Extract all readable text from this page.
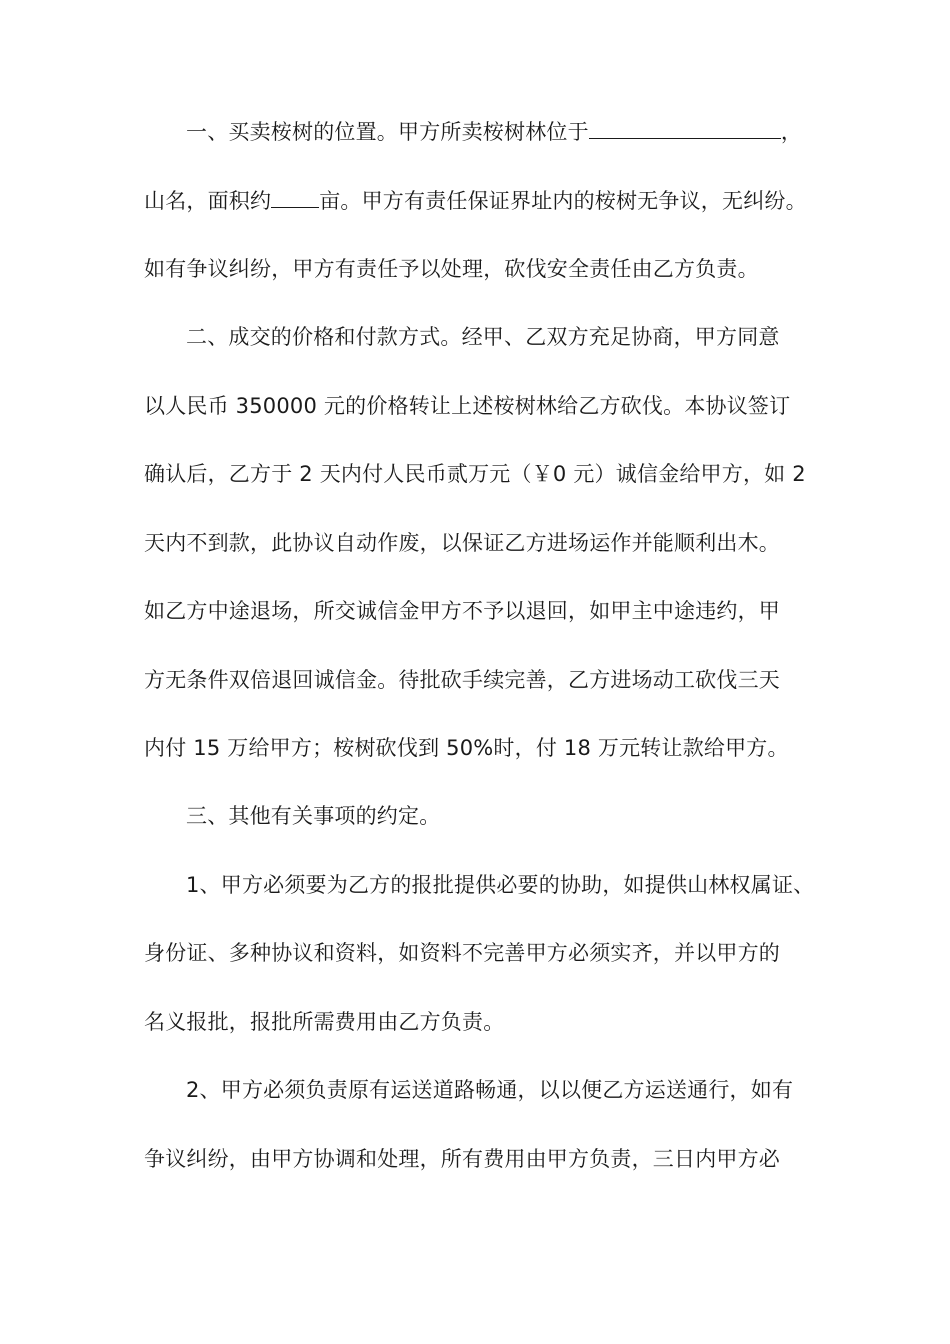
一、买卖桉树的位置。甲方所卖桉树林位于	，
山名，面积约 亩。甲方有责任保证界址内的桉树无争议，无纠纷。
如有争议纠纷，甲方有责任予以处理，砍伐安全责任由乙方负责。
二、成交的价格和付款方式。经甲、乙双方充足协商，甲方同意
以人民币 350000 元的价格转让上述桉树林给乙方砍伐。本协议签订
确认后，乙方于 2 天内付人民币贰万元（￥0 元）诚信金给甲方，如 2
天内不到款，此协议自动作废，以保证乙方进场运作并能顺利出木。
如乙方中途退场，所交诚信金甲方不予以退回，如甲主中途违约，甲
方无条件双倍退回诚信金。待批砍手续完善，乙方进场动工砍伐三天
内付 15 万给甲方；桉树砍伐到 50%时，付 18 万元转让款给甲方。
三、其他有关事项的约定。
1、甲方必须要为乙方的报批提供必要的协助，如提供山林权属证、
身份证、多种协议和资料，如资料不完善甲方必须实齐，并以甲方的
名义报批，报批所需费用由乙方负责。
2、甲方必须负责原有运送道路畅通，以以便乙方运送通行，如有
争议纠纷，由甲方协调和处理，所有费用由甲方负责，三日内甲方必
